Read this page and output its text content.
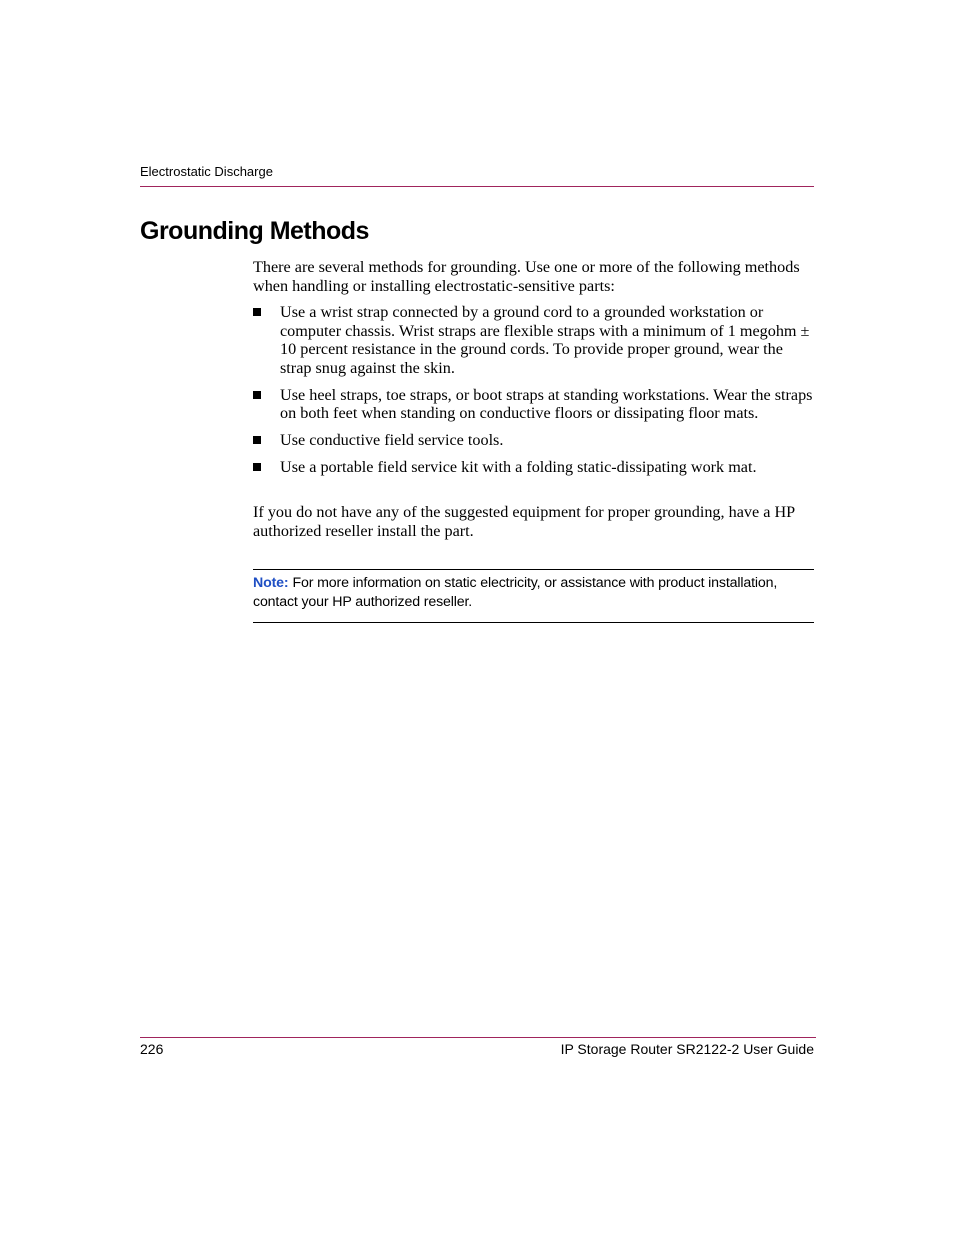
Electrostatic Discharge
Grounding Methods

There are several methods for grounding. Use one or more of the following methods when handling or installing electrostatic-sensitive parts:

Use a wrist strap connected by a ground cord to a grounded workstation or computer chassis. Wrist straps are flexible straps with a minimum of 1 megohm ± 10 percent resistance in the ground cords. To provide proper ground, wear the strap snug against the skin.
Use heel straps, toe straps, or boot straps at standing workstations. Wear the straps on both feet when standing on conductive floors or dissipating floor mats.
Use conductive field service tools.
Use a portable field service kit with a folding static-dissipating work mat.

If you do not have any of the suggested equipment for proper grounding, have a HP authorized reseller install the part.

Note: For more information on static electricity, or assistance with product installation, contact your HP authorized reseller.

226	IP Storage Router SR2122-2 User Guide
